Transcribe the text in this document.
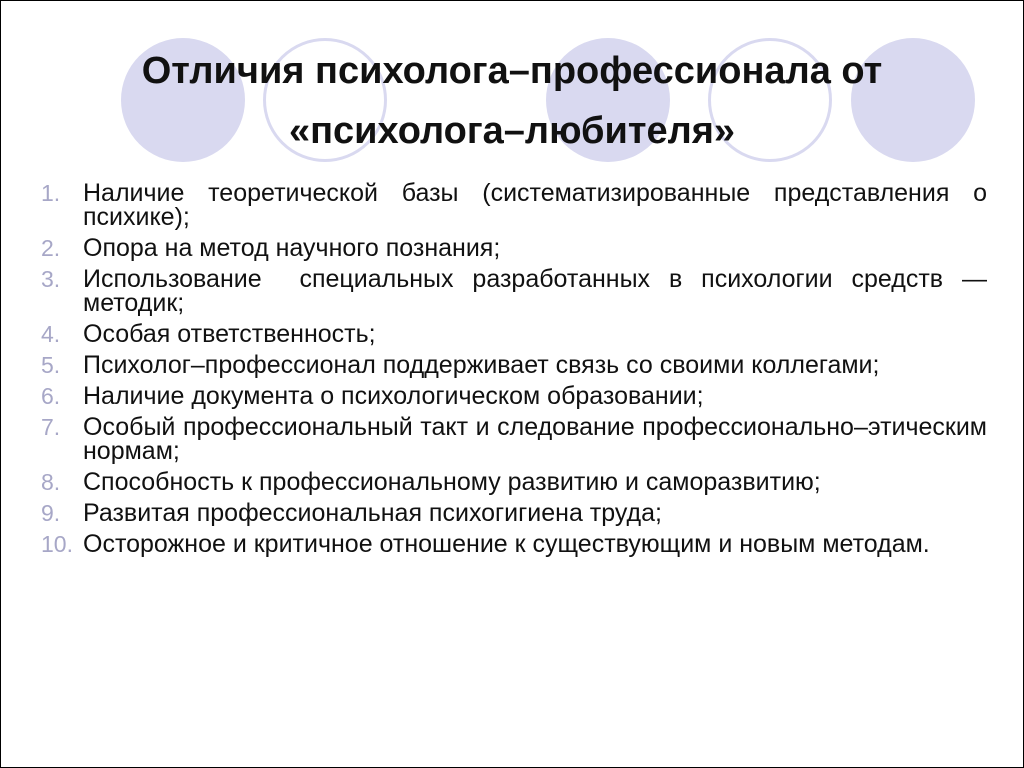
Отличия психолога–профессионала от
«психолога–любителя»
1. Наличие теоретической базы (систематизированные представления о психике);
2. Опора на метод научного познания;
3. Использование  специальных разработанных в психологии средств — методик;
4. Особая ответственность;
5. Психолог–профессионал поддерживает связь со своими коллегами;
6. Наличие документа о психологическом образовании;
7. Особый профессиональный такт и следование профессионально–этическим нормам;
8. Способность к профессиональному развитию и саморазвитию;
9. Развитая профессиональная психогигиена труда;
10. Осторожное и критичное отношение к существующим и новым методам.
